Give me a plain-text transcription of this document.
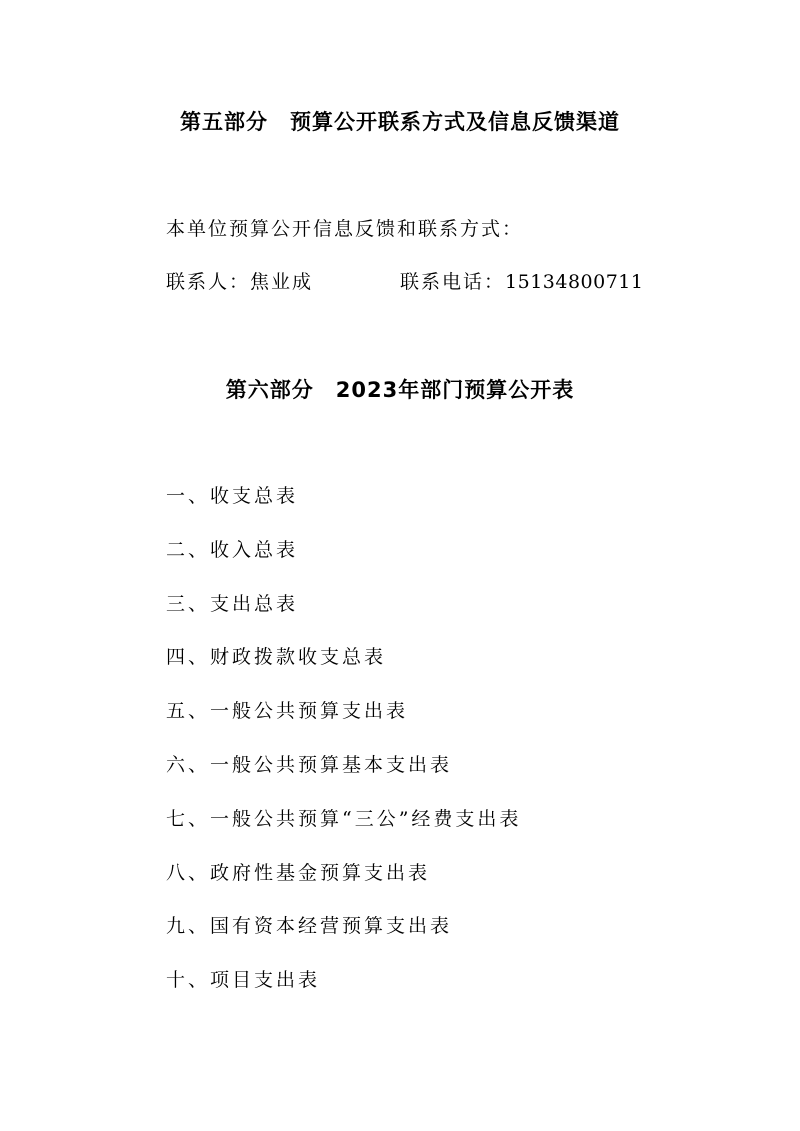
第五部分　预算公开联系方式及信息反馈渠道
本单位预算公开信息反馈和联系方式：
联系人：焦业成	联系电话：15134800711
第六部分　2023年部门预算公开表
一、收支总表
二、收入总表
三、支出总表
四、财政拨款收支总表
五、一般公共预算支出表
六、一般公共预算基本支出表
七、一般公共预算“三公”经费支出表
八、政府性基金预算支出表
九、国有资本经营预算支出表
十、项目支出表
